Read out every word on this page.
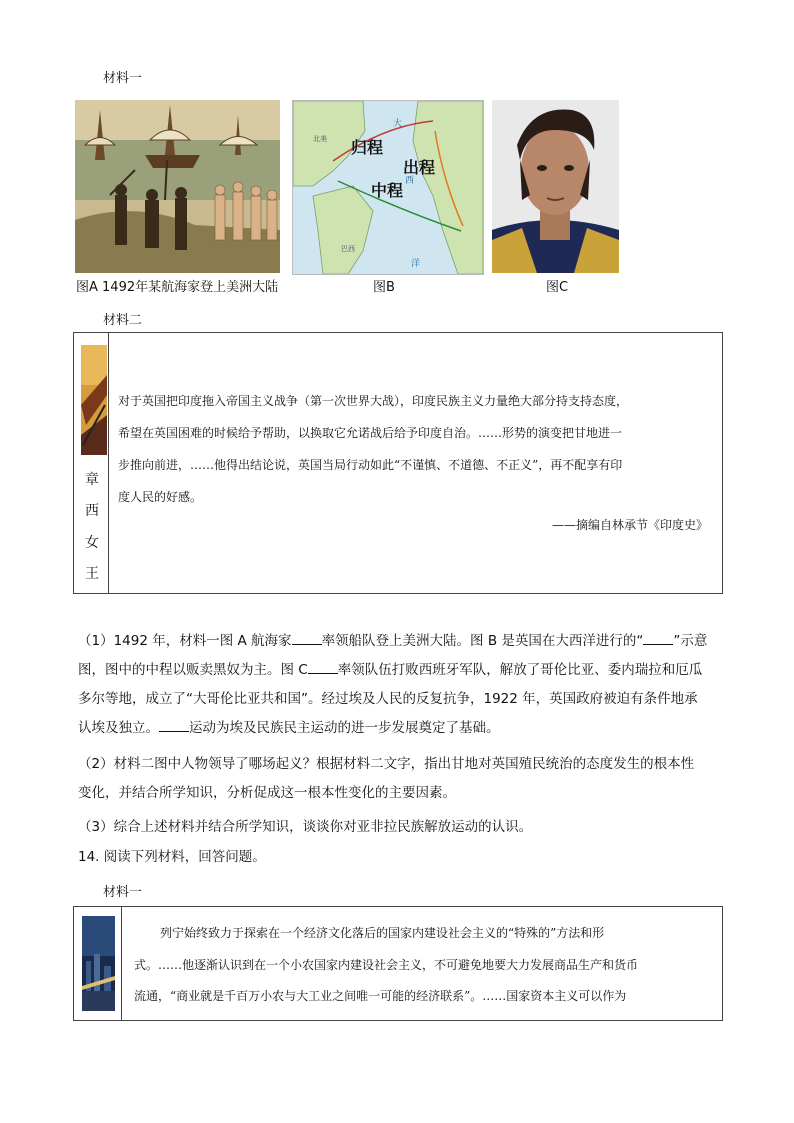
材料一
图A 1492年某航海家登上美洲大陆
北美
巴西
大
西
洋
归程
出程
中程
图B	图C
材料二
章
西
女
王
对于英国把印度拖入帝国主义战争（第一次世界大战），印度民族主义力量绝大部分持支持态度，
希望在英国困难的时候给予帮助，以换取它允诺战后给予印度自治。……形势的演变把甘地进一
步推向前进，……他得出结论说，英国当局行动如此“不谨慎、不道德、不正义”，再不配享有印
度人民的好感。
——摘编自林承节《印度史》
（1）1492 年，材料一图 A 航海家 率领船队登上美洲大陆。图 B 是英国在大西洋进行的“ ”示意
图，图中的中程以贩卖黑奴为主。图 C 率领队伍打败西班牙军队，解放了哥伦比亚、委内瑞拉和厄瓜
多尔等地，成立了“大哥伦比亚共和国”。经过埃及人民的反复抗争，1922 年，英国政府被迫有条件地承
认埃及独立。 运动为埃及民族民主运动的进一步发展奠定了基础。
（2）材料二图中人物领导了哪场起义？根据材料二文字，指出甘地对英国殖民统治的态度发生的根本性
变化，并结合所学知识，分析促成这一根本性变化的主要因素。
（3）综合上述材料并结合所学知识，谈谈你对亚非拉民族解放运动的认识。
14. 阅读下列材料，回答问题。
材料一
列宁始终致力于探索在一个经济文化落后的国家内建设社会主义的“特殊的”方法和形
式。……他逐渐认识到在一个小农国家内建设社会主义，不可避免地要大力发展商品生产和货币
流通，“商业就是千百万小农与大工业之间唯一可能的经济联系”。……国家资本主义可以作为
